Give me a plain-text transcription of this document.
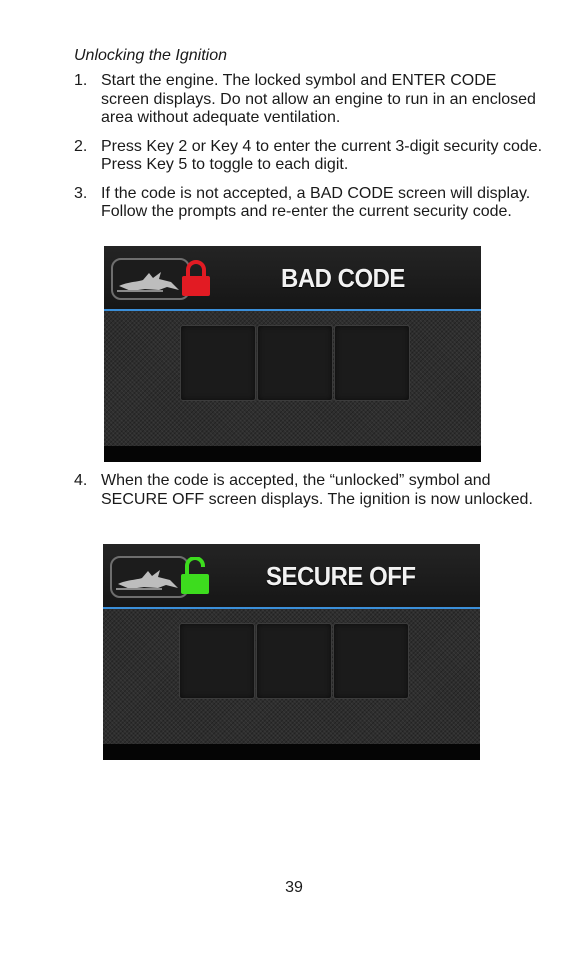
Unlocking the Ignition
1. Start the engine. The locked symbol and ENTER CODE screen displays. Do not allow an engine to run in an enclosed area without adequate ventilation.
2. Press Key 2 or Key 4 to enter the current 3-digit security code. Press Key 5 to toggle to each digit.
3. If the code is not accepted, a BAD CODE screen will display. Follow the prompts and re-enter the current security code.
BAD CODE
4. When the code is accepted, the “unlocked” symbol and SECURE OFF screen displays. The ignition is now unlocked.
SECURE OFF
39
